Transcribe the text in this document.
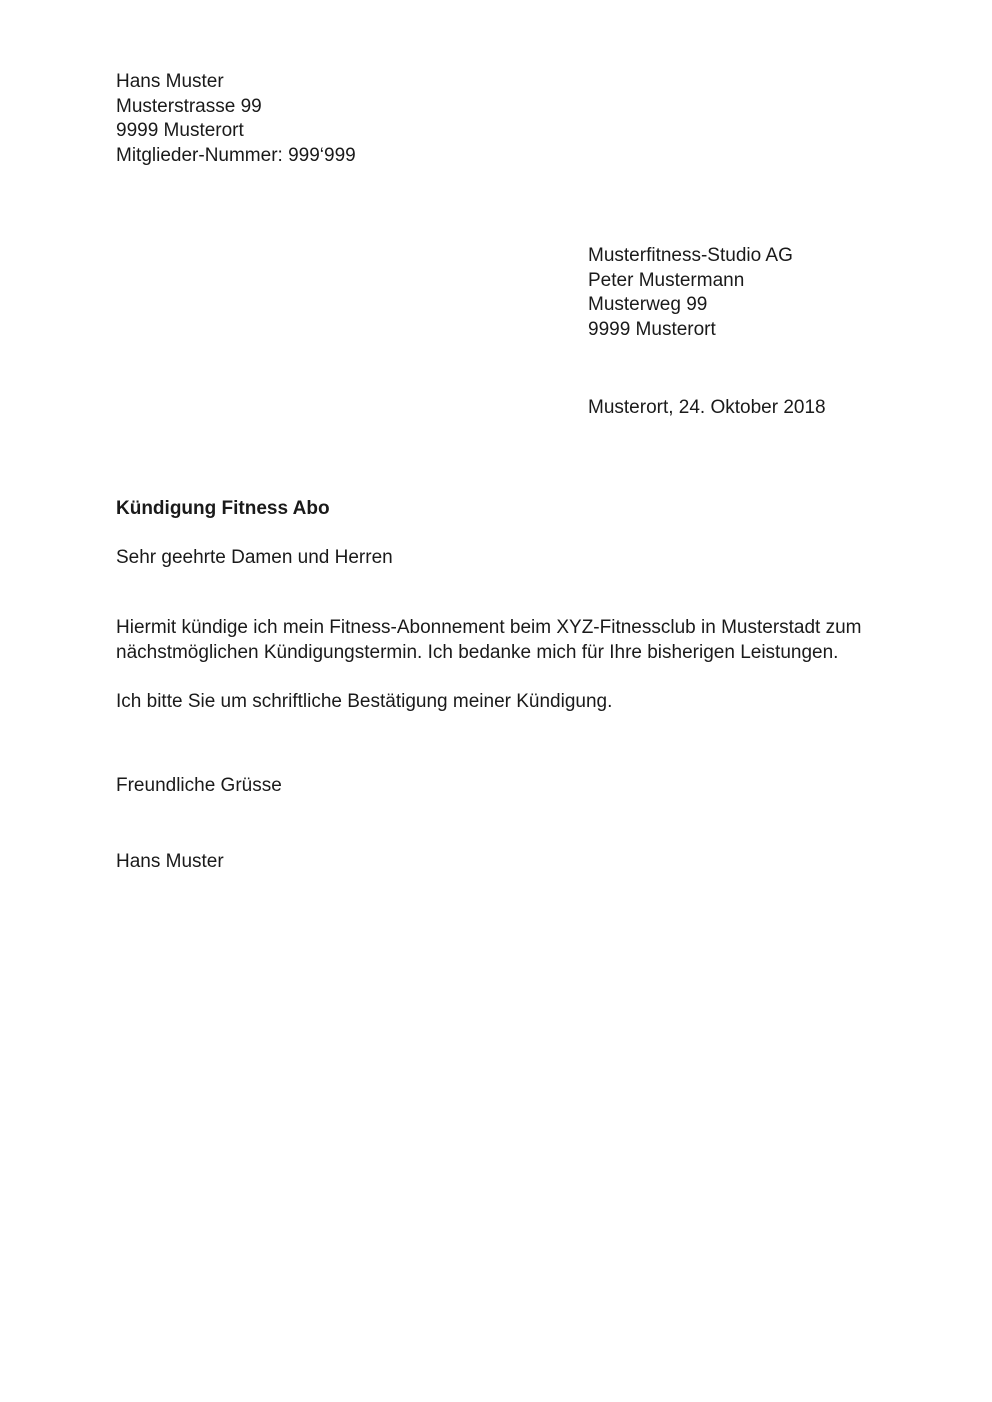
Hans Muster
Musterstrasse 99
9999 Musterort
Mitglieder-Nummer: 999‘999
Musterfitness-Studio AG
Peter Mustermann
Musterweg 99
9999 Musterort
Musterort, 24. Oktober 2018
Kündigung Fitness Abo
Sehr geehrte Damen und Herren

Hiermit kündige ich mein Fitness-Abonnement beim XYZ-Fitnessclub in Musterstadt zum nächstmöglichen Kündigungstermin. Ich bedanke mich für Ihre bisherigen Leistungen.

Ich bitte Sie um schriftliche Bestätigung meiner Kündigung.

Freundliche Grüsse
Hans Muster
